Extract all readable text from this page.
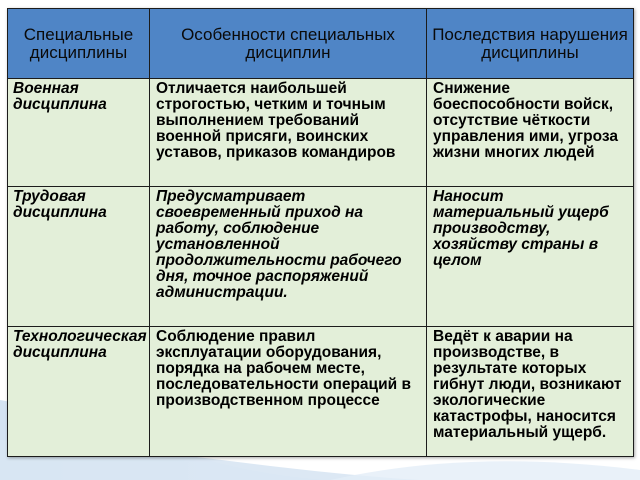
Специальные дисциплины	Особенности специальных дисциплин	Последствия нарушения дисциплины

Военная дисциплина	Отличается наибольшей строгостью, четким и точным выполнением требований военной присяги, воинских уставов, приказов командиров	Снижение боеспособности войск, отсутствие чёткости управления ими, угроза жизни многих людей

Трудовая дисциплина	Предусматривает своевременный приход на работу, соблюдение установленной продолжительности рабочего дня, точное распоряжений администрации.	Наносит материальный ущерб производству, хозяйству страны в целом

Технологическая дисциплина	Соблюдение правил эксплуатации оборудования, порядка на рабочем месте, последовательности операций в производственном процессе	Ведёт к аварии на производстве, в результате которых гибнут люди, возникают экологические катастрофы, наносится материальный ущерб.
